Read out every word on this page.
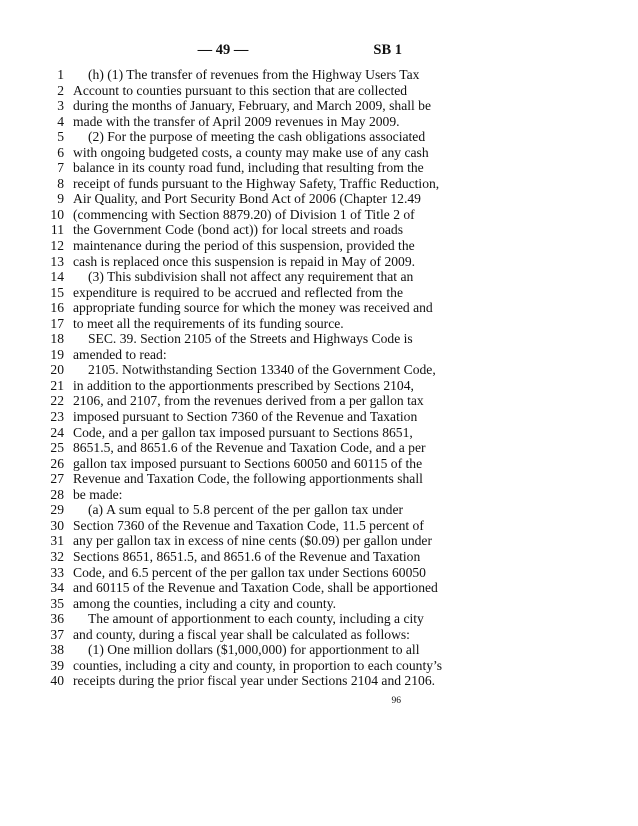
— 49 —	SB 1
1	(h) (1) The transfer of revenues from the Highway Users Tax
2 Account to counties pursuant to this section that are collected
3 during the months of January, February, and March 2009, shall be
4 made with the transfer of April 2009 revenues in May 2009.
5	(2) For the purpose of meeting the cash obligations associated
6 with ongoing budgeted costs, a county may make use of any cash
7 balance in its county road fund, including that resulting from the
8 receipt of funds pursuant to the Highway Safety, Traffic Reduction,
9 Air Quality, and Port Security Bond Act of 2006 (Chapter 12.49
10 (commencing with Section 8879.20) of Division 1 of Title 2 of
11 the Government Code (bond act)) for local streets and roads
12 maintenance during the period of this suspension, provided the
13 cash is replaced once this suspension is repaid in May of 2009.
14	(3) This subdivision shall not affect any requirement that an
15 expenditure is required to be accrued and reflected from the
16 appropriate funding source for which the money was received and
17 to meet all the requirements of its funding source.
18	SEC. 39. Section 2105 of the Streets and Highways Code is
19 amended to read:
20	2105. Notwithstanding Section 13340 of the Government Code,
21 in addition to the apportionments prescribed by Sections 2104,
22 2106, and 2107, from the revenues derived from a per gallon tax
23 imposed pursuant to Section 7360 of the Revenue and Taxation
24 Code, and a per gallon tax imposed pursuant to Sections 8651,
25 8651.5, and 8651.6 of the Revenue and Taxation Code, and a per
26 gallon tax imposed pursuant to Sections 60050 and 60115 of the
27 Revenue and Taxation Code, the following apportionments shall
28 be made:
29	(a) A sum equal to 5.8 percent of the per gallon tax under
30 Section 7360 of the Revenue and Taxation Code, 11.5 percent of
31 any per gallon tax in excess of nine cents ($0.09) per gallon under
32 Sections 8651, 8651.5, and 8651.6 of the Revenue and Taxation
33 Code, and 6.5 percent of the per gallon tax under Sections 60050
34 and 60115 of the Revenue and Taxation Code, shall be apportioned
35 among the counties, including a city and county.
36	The amount of apportionment to each county, including a city
37 and county, during a fiscal year shall be calculated as follows:
38	(1) One million dollars ($1,000,000) for apportionment to all
39 counties, including a city and county, in proportion to each county’s
40 receipts during the prior fiscal year under Sections 2104 and 2106.
96
